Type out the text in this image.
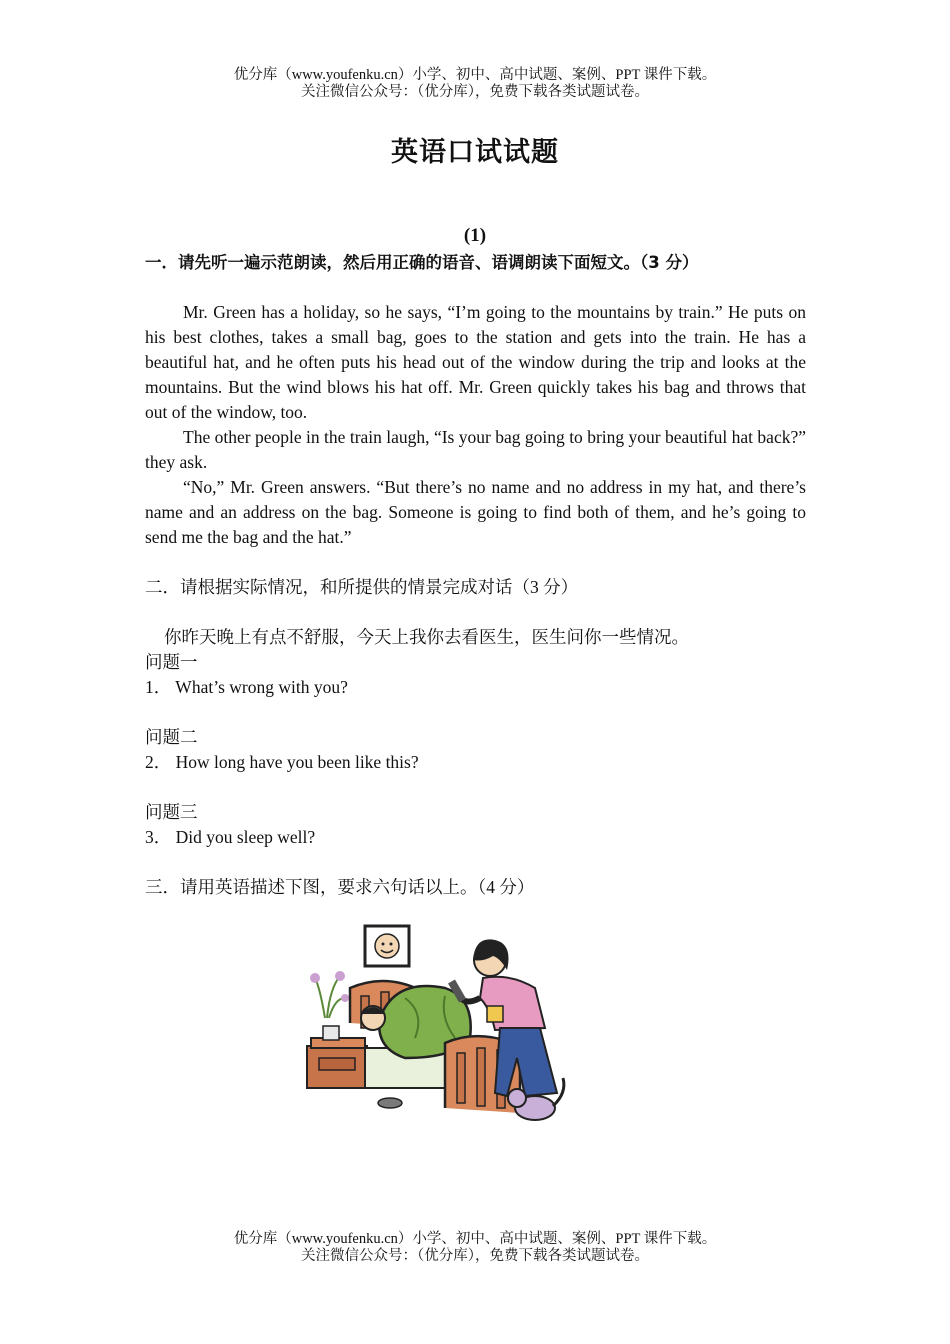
优分库（www.youfenku.cn）小学、初中、高中试题、案例、PPT 课件下载。
关注微信公众号：（优分库），免费下载各类试题试卷。
英语口试试题
(1)
一．请先听一遍示范朗读，然后用正确的语音、语调朗读下面短文。（3 分）

Mr. Green has a holiday, so he says, “I’m going to the mountains by train.” He puts on his best clothes, takes a small bag, goes to the station and gets into the train. He has a beautiful hat, and he often puts his head out of the window during the trip and looks at the mountains. But the wind blows his hat off. Mr. Green quickly takes his bag and throws that out of the window, too.

The other people in the train laugh, “Is your bag going to bring your beautiful hat back?” they ask.

“No,” Mr. Green answers. “But there’s no name and no address in my hat, and there’s name and an address on the bag. Someone is going to find both of them, and he’s going to send me the bag and the hat.”

二．请根据实际情况，和所提供的情景完成对话（3 分）

你昨天晚上有点不舒服，今天上我你去看医生，医生问你一些情况。

问题一

1． What’s wrong with you?

问题二

2． How long have you been like this?

问题三

3． Did you sleep well?

三．请用英语描述下图，要求六句话以上。（4 分）

优分库（www.youfenku.cn）小学、初中、高中试题、案例、PPT 课件下载。
关注微信公众号：（优分库），免费下载各类试题试卷。
